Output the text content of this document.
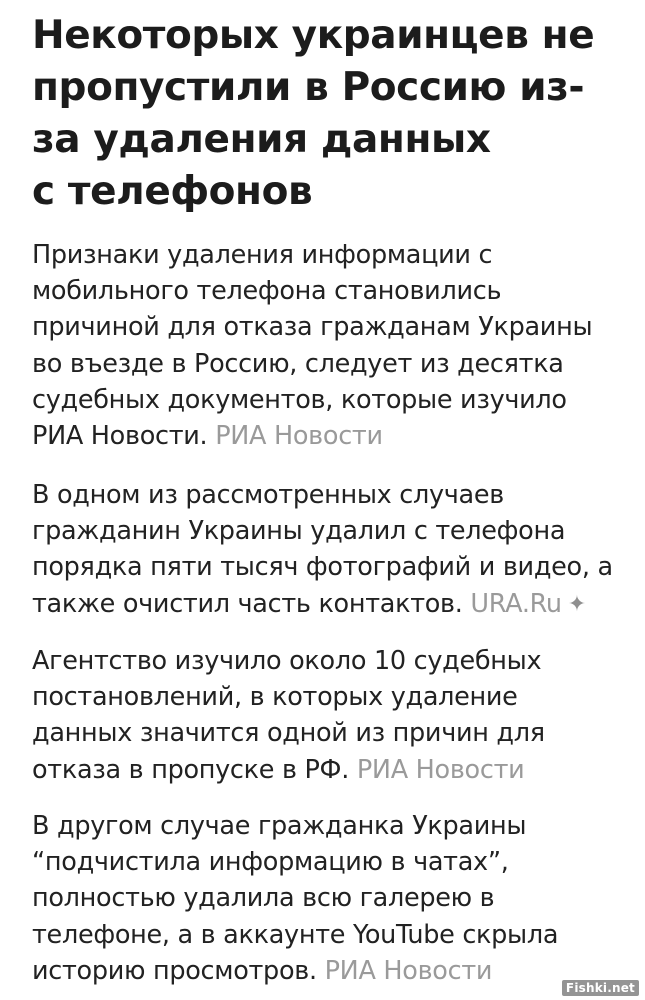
Некоторых украинцев не
пропустили в Россию из-
за удаления данных
с телефонов
Признаки удаления информации с
мобильного телефона становились
причиной для отказа гражданам Украины
во въезде в Россию, следует из десятка
судебных документов, которые изучило
РИА Новости. РИА Новости
В одном из рассмотренных случаев
гражданин Украины удалил с телефона
порядка пяти тысяч фотографий и видео, а
также очистил часть контактов. URA.Ru ✦
Агентство изучило около 10 судебных
постановлений, в которых удаление
данных значится одной из причин для
отказа в пропуске в РФ. РИА Новости
В другом случае гражданка Украины
“подчистила информацию в чатах”,
полностью удалила всю галерею в
телефоне, а в аккаунте YouTube скрыла
историю просмотров. РИА Новости
Fishki.net
